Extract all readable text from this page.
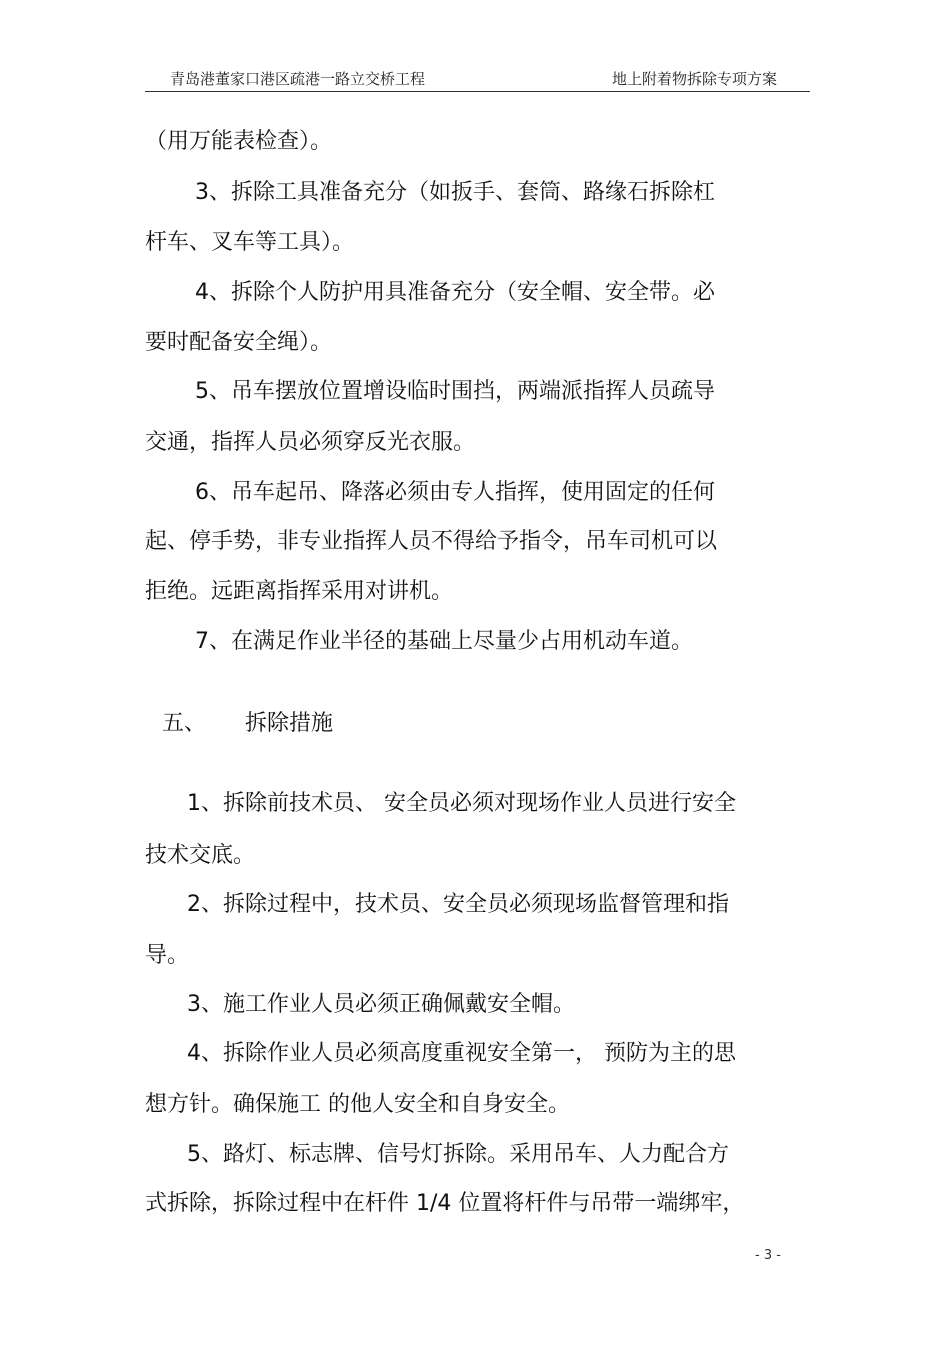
青岛港董家口港区疏港一路立交桥工程	地上附着物拆除专项方案
（用万能表检查）。
3、拆除工具准备充分（如扳手、套筒、路缘石拆除杠
杆车、叉车等工具）。
4、拆除个人防护用具准备充分（安全帽、安全带。必
要时配备安全绳）。
5、吊车摆放位置增设临时围挡，两端派指挥人员疏导
交通，指挥人员必须穿反光衣服。
6、吊车起吊、降落必须由专人指挥，使用固定的任何
起、停手势，非专业指挥人员不得给予指令，吊车司机可以
拒绝。远距离指挥采用对讲机。
7、在满足作业半径的基础上尽量少占用机动车道。
五、 拆除措施
1、拆除前技术员、 安全员必须对现场作业人员进行安全
技术交底。
2、拆除过程中，技术员、安全员必须现场监督管理和指
导。
3、施工作业人员必须正确佩戴安全帽。
4、拆除作业人员必须高度重视安全第一， 预防为主的思
想方针。确保施工 的他人安全和自身安全。
5、路灯、标志牌、信号灯拆除。采用吊车、人力配合方
式拆除，拆除过程中在杆件 1/4 位置将杆件与吊带一端绑牢，
- 3 -
